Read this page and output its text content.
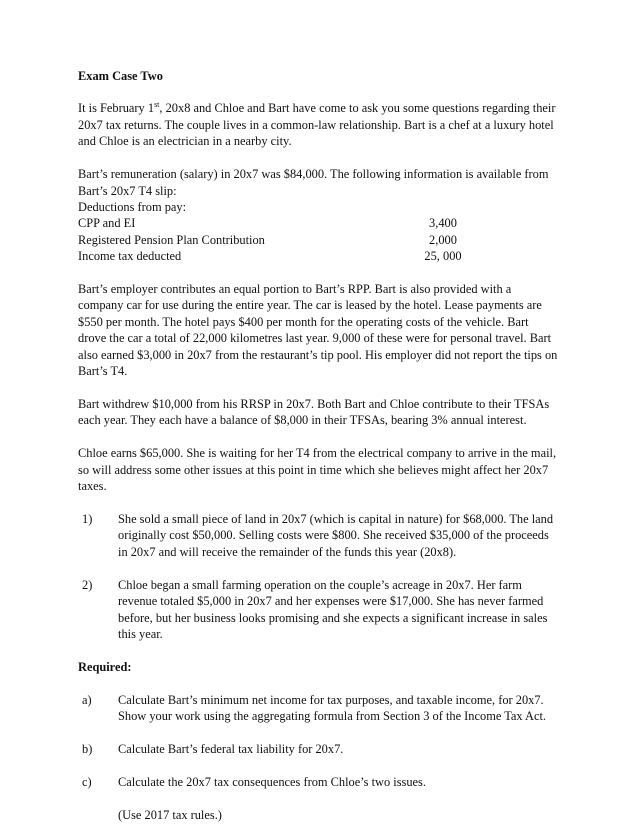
Exam Case Two

It is February 1st, 20x8 and Chloe and Bart have come to ask you some questions regarding their
20x7 tax returns. The couple lives in a common-law relationship. Bart is a chef at a luxury hotel
and Chloe is an electrician in a nearby city.

Bart’s remuneration (salary) in 20x7 was $84,000. The following information is available from
Bart’s 20x7 T4 slip:
Deductions from pay:
CPP and EI	3,400
Registered Pension Plan Contribution	2,000
Income tax deducted	25, 000

Bart’s employer contributes an equal portion to Bart’s RPP. Bart is also provided with a
company car for use during the entire year. The car is leased by the hotel. Lease payments are
$550 per month. The hotel pays $400 per month for the operating costs of the vehicle. Bart
drove the car a total of 22,000 kilometres last year. 9,000 of these were for personal travel. Bart
also earned $3,000 in 20x7 from the restaurant’s tip pool. His employer did not report the tips on
Bart’s T4.

Bart withdrew $10,000 from his RRSP in 20x7. Both Bart and Chloe contribute to their TFSAs
each year. They each have a balance of $8,000 in their TFSAs, bearing 3% annual interest.

Chloe earns $65,000. She is waiting for her T4 from the electrical company to arrive in the mail,
so will address some other issues at this point in time which she believes might affect her 20x7
taxes.

1)	She sold a small piece of land in 20x7 (which is capital in nature) for $68,000. The land
originally cost $50,000. Selling costs were $800. She received $35,000 of the proceeds
in 20x7 and will receive the remainder of the funds this year (20x8).
2)	Chloe began a small farming operation on the couple’s acreage in 20x7. Her farm
revenue totaled $5,000 in 20x7 and her expenses were $17,000. She has never farmed
before, but her business looks promising and she expects a significant increase in sales
this year.
Required:
a)	Calculate Bart’s minimum net income for tax purposes, and taxable income, for 20x7.
Show your work using the aggregating formula from Section 3 of the Income Tax Act.
b)	Calculate Bart’s federal tax liability for 20x7.
c)	Calculate the 20x7 tax consequences from Chloe’s two issues.
(Use 2017 tax rules.)
